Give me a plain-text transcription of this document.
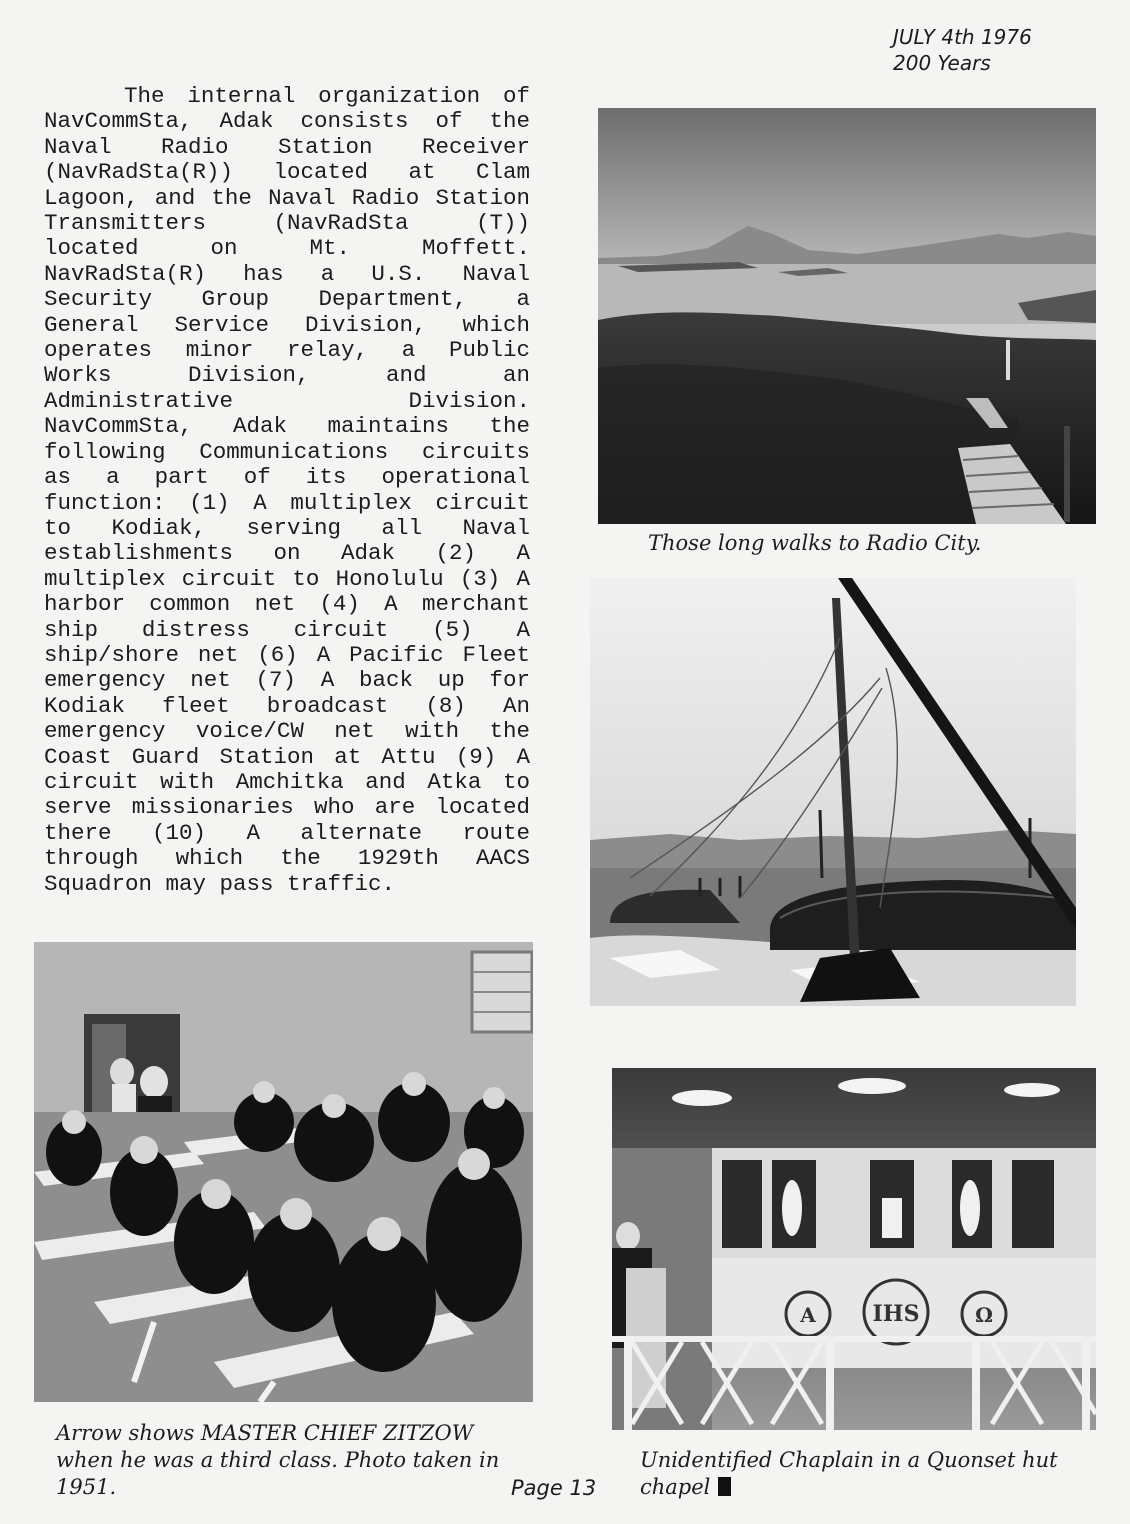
JULY 4th 1976
200 Years

The internal organization of NavCommSta, Adak consists of the Naval Radio Station Receiver (NavRadSta(R)) located at Clam Lagoon, and the Naval Radio Station Transmitters (NavRadSta (T)) located on Mt. Moffett. NavRadSta(R) has a U.S. Naval Security Group Department, a General Service Division, which operates minor relay, a Public Works Division, and an Administrative Division. NavCommSta, Adak maintains the following Communications circuits as a part of its operational function: (1) A multiplex circuit to Kodiak, serving all Naval establishments on Adak (2) A multiplex circuit to Honolulu (3) A harbor common net (4) A merchant ship distress circuit (5) A ship/shore net (6) A Pacific Fleet emergency net (7) A back up for Kodiak fleet broadcast (8) An emergency voice/CW net with the Coast Guard Station at Attu (9) A circuit with Amchitka and Atka to serve missionaries who are located there (10) A alternate route through which the 1929th AACS Squadron may pass traffic.

Those long walks to Radio City.
Arrow shows MASTER CHIEF ZITZOW when he was a third class. Photo taken in 1951.	Page 13
IHS
A	Ω
Unidentified Chaplain in a Quonset hut chapel
